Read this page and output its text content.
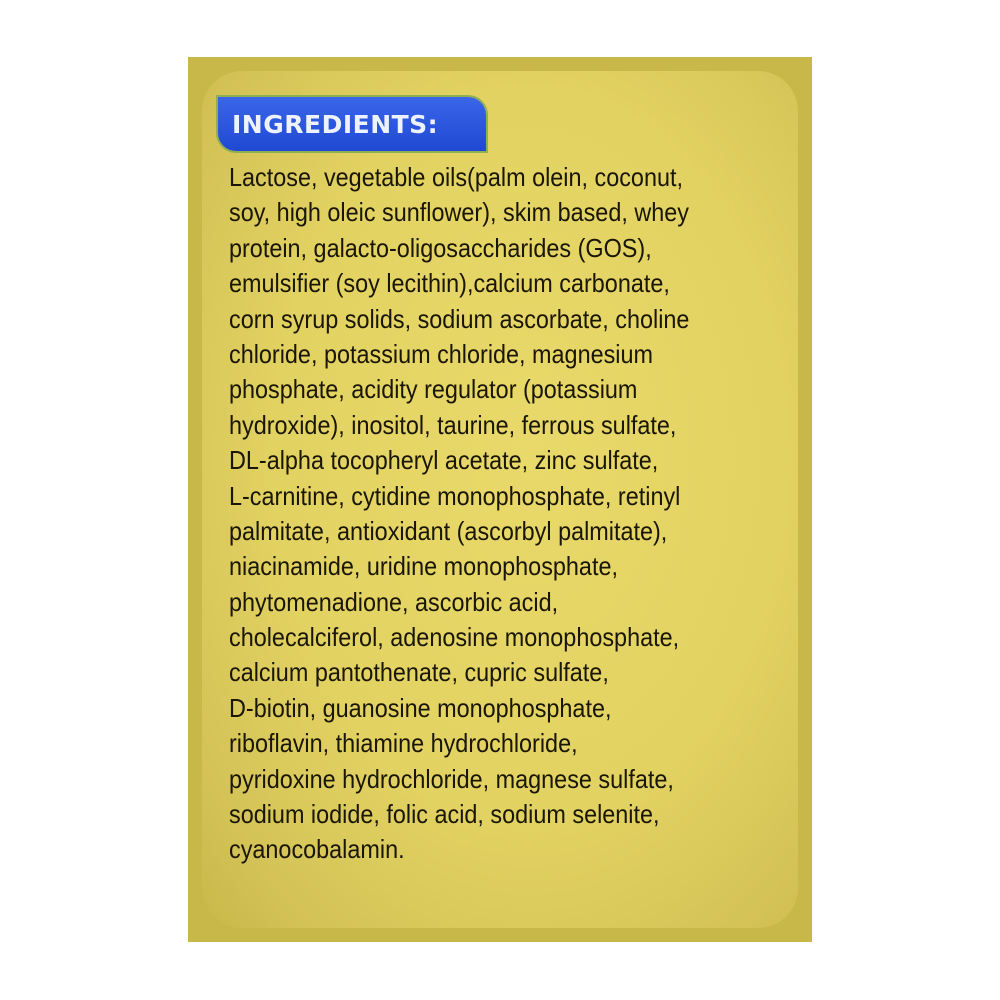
INGREDIENTS:
Lactose, vegetable oils(palm olein, coconut,
soy, high oleic sunflower), skim based, whey
protein, galacto-oligosaccharides (GOS),
emulsifier (soy lecithin),calcium carbonate,
corn syrup solids, sodium ascorbate, choline
chloride, potassium chloride, magnesium
phosphate, acidity regulator (potassium
hydroxide), inositol, taurine, ferrous sulfate,
DL-alpha tocopheryl acetate, zinc sulfate,
L-carnitine, cytidine monophosphate, retinyl
palmitate, antioxidant (ascorbyl palmitate),
niacinamide, uridine monophosphate,
phytomenadione, ascorbic acid,
cholecalciferol, adenosine monophosphate,
calcium pantothenate, cupric sulfate,
D-biotin, guanosine monophosphate,
riboflavin, thiamine hydrochloride,
pyridoxine hydrochloride, magnese sulfate,
sodium iodide, folic acid, sodium selenite,
cyanocobalamin.
